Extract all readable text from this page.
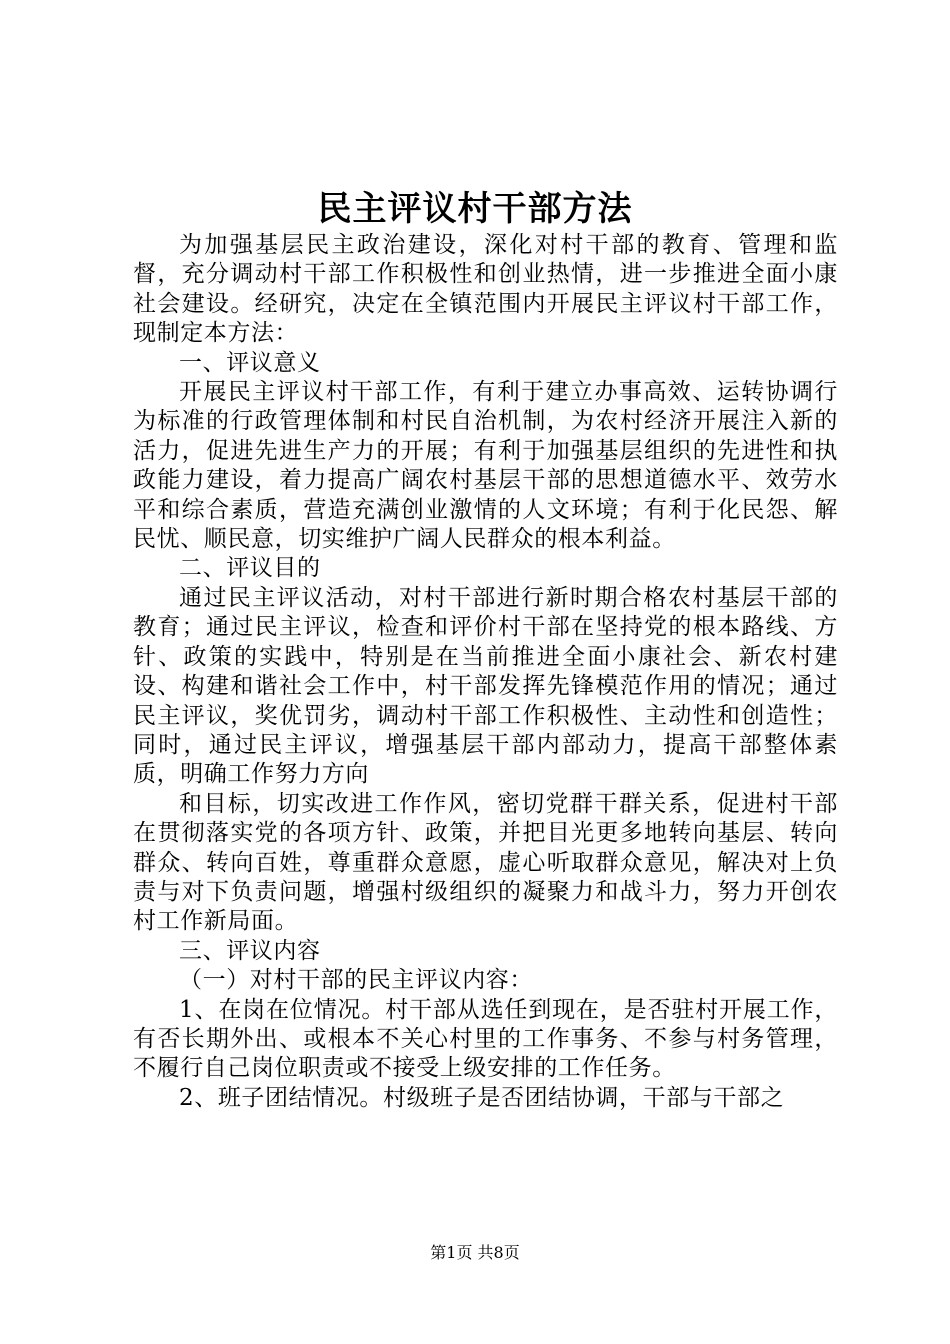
民主评议村干部方法

为加强基层民主政治建设，深化对村干部的教育、管理和监督，充分调动村干部工作积极性和创业热情，进一步推进全面小康社会建设。经研究，决定在全镇范围内开展民主评议村干部工作，现制定本方法：

一、评议意义

开展民主评议村干部工作，有利于建立办事高效、运转协调行为标准的行政管理体制和村民自治机制，为农村经济开展注入新的活力，促进先进生产力的开展；有利于加强基层组织的先进性和执政能力建设，着力提高广阔农村基层干部的思想道德水平、效劳水平和综合素质，营造充满创业激情的人文环境；有利于化民怨、解民忧、顺民意，切实维护广阔人民群众的根本利益。

二、评议目的

通过民主评议活动，对村干部进行新时期合格农村基层干部的教育；通过民主评议，检查和评价村干部在坚持党的根本路线、方针、政策的实践中，特别是在当前推进全面小康社会、新农村建设、构建和谐社会工作中，村干部发挥先锋模范作用的情况；通过民主评议，奖优罚劣，调动村干部工作积极性、主动性和创造性；同时，通过民主评议，增强基层干部内部动力，提高干部整体素质，明确工作努力方向

和目标，切实改进工作作风，密切党群干群关系，促进村干部在贯彻落实党的各项方针、政策，并把目光更多地转向基层、转向群众、转向百姓，尊重群众意愿，虚心听取群众意见，解决对上负责与对下负责问题，增强村级组织的凝聚力和战斗力，努力开创农村工作新局面。

三、评议内容

（一）对村干部的民主评议内容：

1、在岗在位情况。村干部从选任到现在，是否驻村开展工作，有否长期外出、或根本不关心村里的工作事务、不参与村务管理，不履行自己岗位职责或不接受上级安排的工作任务。

2、班子团结情况。村级班子是否团结协调，干部与干部之

第1页 共8页
